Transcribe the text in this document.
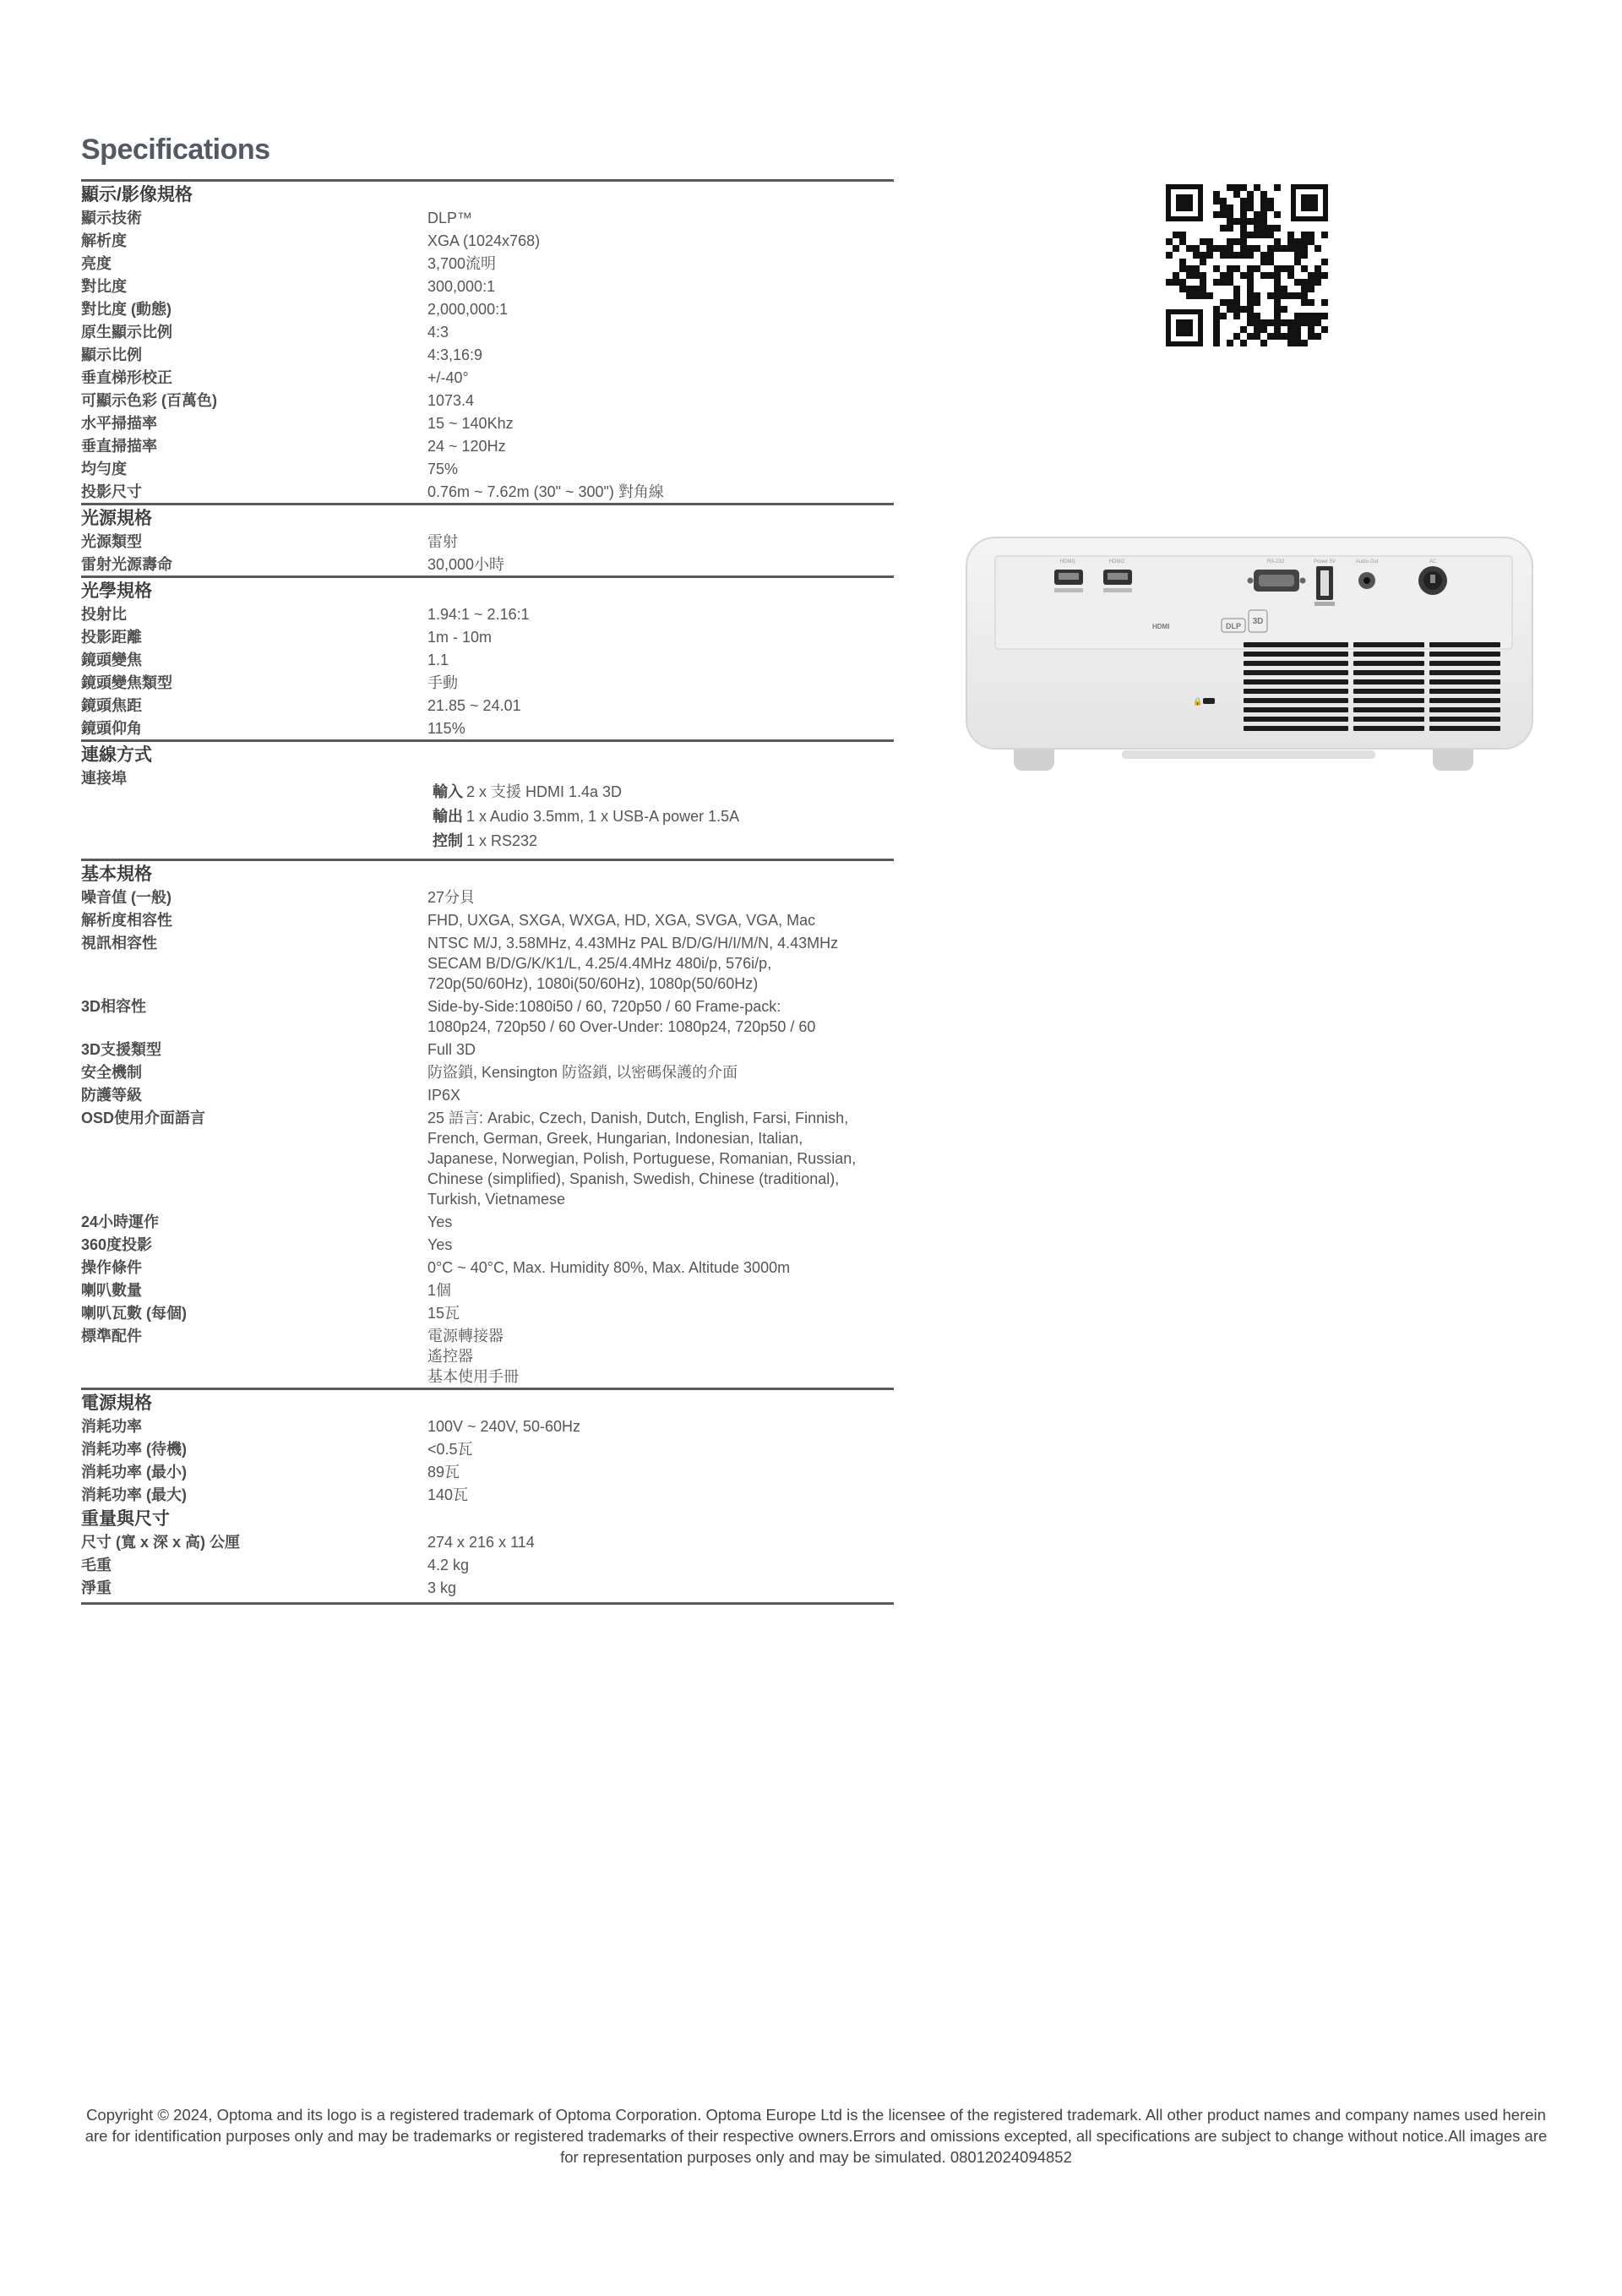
Specifications
顯示/影像規格
顯示技術	DLP™
解析度	XGA (1024x768)
亮度	3,700流明
對比度	300,000:1
對比度 (動態)	2,000,000:1
原生顯示比例	4:3
顯示比例	4:3,16:9
垂直梯形校正	+/-40°
可顯示色彩 (百萬色)	1073.4
水平掃描率	15 ~ 140Khz
垂直掃描率	24 ~ 120Hz
均勻度	75%
投影尺寸	0.76m ~ 7.62m (30" ~ 300") 對角線
光源規格
光源類型	雷射
雷射光源壽命	30,000小時
光學規格
投射比	1.94:1 ~ 2.16:1
投影距離	1m - 10m
鏡頭變焦	1.1
鏡頭變焦類型	手動
鏡頭焦距	21.85 ~ 24.01
鏡頭仰角	115%
連線方式
連接埠
輸入 2 x 支援 HDMI 1.4a 3D
輸出 1 x Audio 3.5mm, 1 x USB-A power 1.5A
控制 1 x RS232
基本規格
噪音值 (一般)	27分貝
解析度相容性	FHD, UXGA, SXGA, WXGA, HD, XGA, SVGA, VGA, Mac
視訊相容性	NTSC M/J, 3.58MHz, 4.43MHz PAL B/D/G/H/I/M/N, 4.43MHz
SECAM B/D/G/K/K1/L, 4.25/4.4MHz 480i/p, 576i/p,
720p(50/60Hz), 1080i(50/60Hz), 1080p(50/60Hz)
3D相容性	Side-by-Side:1080i50 / 60, 720p50 / 60 Frame-pack:
1080p24, 720p50 / 60 Over-Under: 1080p24, 720p50 / 60
3D支援類型	Full 3D
安全機制	防盜鎖, Kensington 防盜鎖, 以密碼保護的介面
防護等級	IP6X
OSD使用介面語言	25 語言: Arabic, Czech, Danish, Dutch, English, Farsi, Finnish,
French, German, Greek, Hungarian, Indonesian, Italian,
Japanese, Norwegian, Polish, Portuguese, Romanian, Russian,
Chinese (simplified), Spanish, Swedish, Chinese (traditional),
Turkish, Vietnamese
24小時運作	Yes
360度投影	Yes
操作條件	0°C ~ 40°C, Max. Humidity 80%, Max. Altitude 3000m
喇叭數量	1個
喇叭瓦數 (每個)	15瓦
標準配件	電源轉接器
遙控器
基本使用手冊
電源規格
消耗功率	100V ~ 240V, 50-60Hz
消耗功率 (待機)	<0.5瓦
消耗功率 (最小)	89瓦
消耗功率 (最大)	140瓦
重量與尺寸
尺寸 (寬 x 深 x 高) 公厘	274 x 216 x 114
毛重	4.2 kg
淨重	3 kg
HDMI1	HDMI2	RS-232	Power 5V	Audio Out	AC
HDMI	DLP 3D
🔒

Copyright © 2024, Optoma and its logo is a registered trademark of Optoma Corporation. Optoma Europe Ltd is the licensee of the registered trademark. All other product names and company names used herein are for identification purposes only and may be trademarks or registered trademarks of their respective owners.Errors and omissions excepted, all specifications are subject to change without notice.All images are for representation purposes only and may be simulated. 08012024094852
